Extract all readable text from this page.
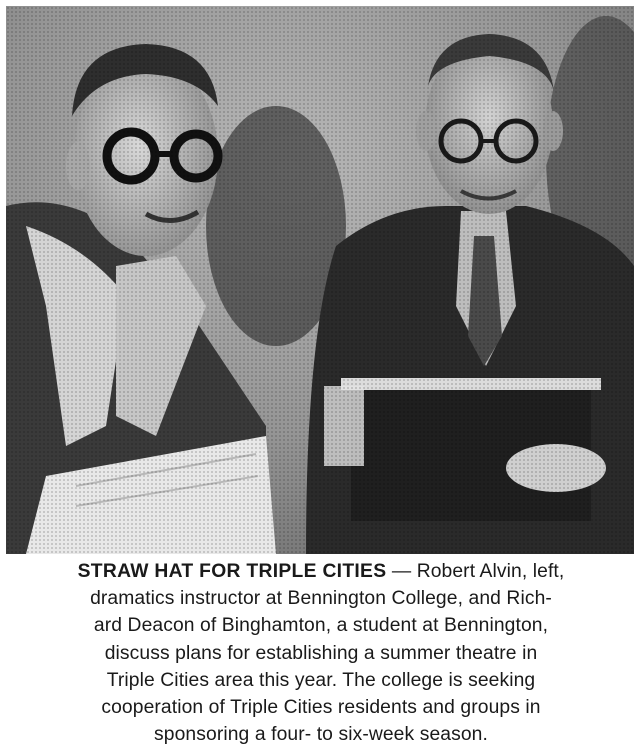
STRAW HAT FOR TRIPLE CITIES — Robert Alvin, left,
dramatics instructor at Bennington College, and Rich-
ard Deacon of Binghamton, a student at Bennington,
discuss plans for establishing a summer theatre in
Triple Cities area this year. The college is seeking
cooperation of Triple Cities residents and groups in
sponsoring a four- to six-week season.
